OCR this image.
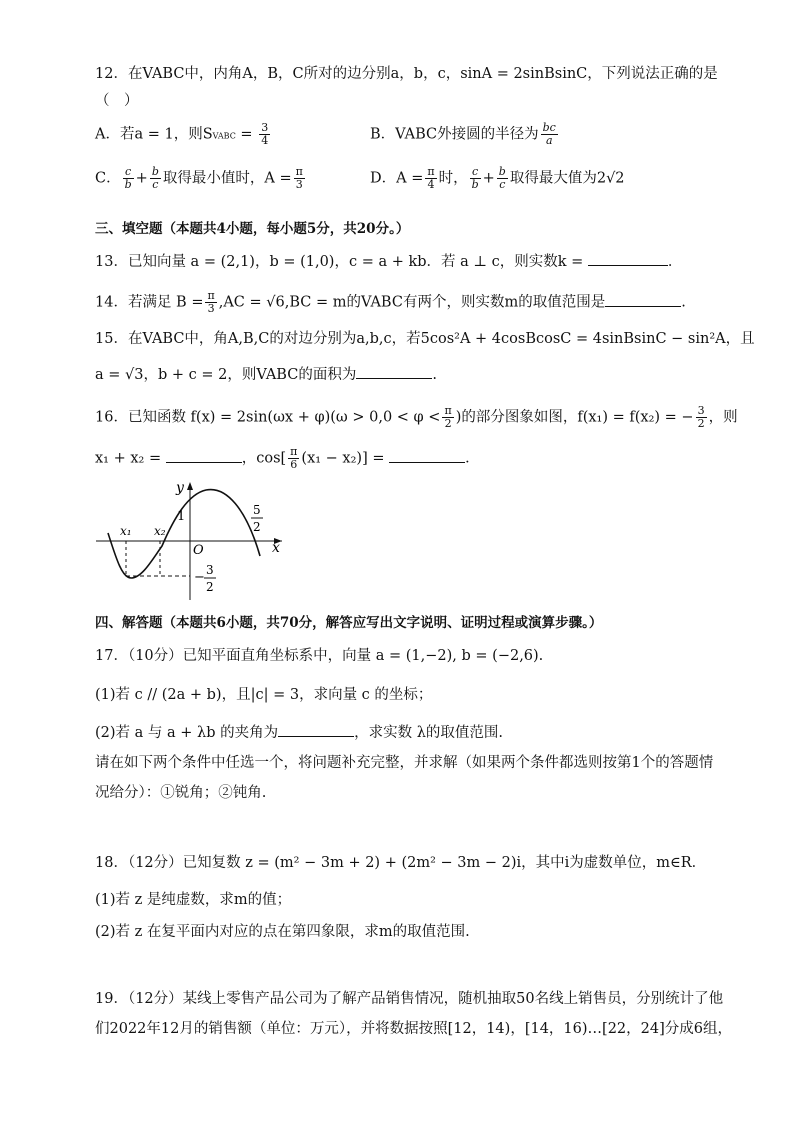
12．在VABC中，内角A，B，C所对的边分别a，b，c，sinA = 2sinBsinC，下列说法正确的是
（　）
A．若a = 1，则SVABC = $\frac{3}{4}$	B．VABC外接圆的半径为 $\frac{bc}{a}$
C． $\frac{c}{b} + \frac{b}{c}$ 取得最小值时，$A = \frac{\pi}{3}$	D．$A = \frac{\pi}{4}$ 时， $\frac{c}{b} + \frac{b}{c}$ 取得最大值为2√2
三、填空题（本题共4小题，每小题5分，共20分。）
13．已知向量 a = (2,1)，b = (1,0)，c = a + kb．若 a ⊥ c，则实数k =	．
14．若满足 $B = \frac{\pi}{3} ,AC = √6,BC = m$的VABC有两个，则实数m的取值范围是	.
15．在VABC中，角A,B,C的对边分别为a,b,c，若5cos²A + 4cosBcosC = 4sinBsinC − sin²A，且
a = √3，b + c = 2，则VABC的面积为	.
16．已知函数 $f(x) = 2\sin(\omega x + \varphi)(\omega > 0,0 < \varphi < \frac{\pi}{2}$ )的部分图象如图，f(x₁) = f(x₂) = − $\frac{3}{2}$ ，则
x₁ + x₂ =	，$\cos[ \frac{\pi}{6} (x_1 - x_2)]$ =	．
y
x
O
1
x₁ x₂
5
2
− 3
2
四、解答题（本题共6小题，共70分，解答应写出文字说明、证明过程或演算步骤。）
17．（10分）已知平面直角坐标系中，向量 a = (1,−2), b = (−2,6).
(1)若 c // (2a + b)，且|c| = 3，求向量 c 的坐标；
(2)若 a 与 a + λb 的夹角为	，求实数 λ的取值范围.
请在如下两个条件中任选一个，将问题补充完整，并求解（如果两个条件都选则按第1个的答题情
况给分）：①锐角；②钝角.
18．（12分）已知复数 z = (m² − 3m + 2) + (2m² − 3m − 2)i，其中i为虚数单位，m∈R．
(1)若 z 是纯虚数，求m的值；
(2)若 z 在复平面内对应的点在第四象限，求m的取值范围.
19．（12分）某线上零售产品公司为了解产品销售情况，随机抽取50名线上销售员，分别统计了他
们2022年12月的销售额（单位：万元），并将数据按照[12，14)，[14，16)…[22，24]分成6组，
